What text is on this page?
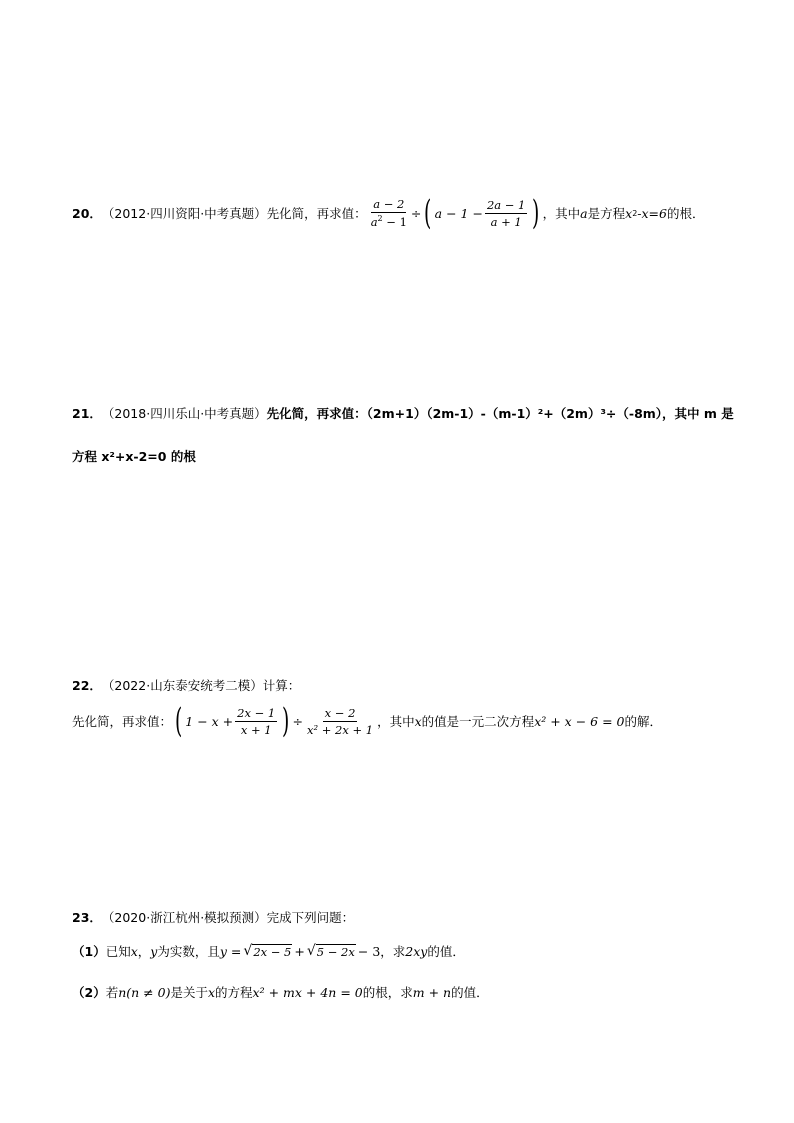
20． （2012·四川资阳·中考真题） 先化简，再求值： $\frac{a - 2}{a^2 - 1}$ ÷ ( $a - 1 - \frac{2a - 1}{a + 1}$ ) ，其中 a 是方程 x 2 -x=6 的根．
21． （2018·四川乐山·中考真题） 先化简，再求值：（2m+1）（2m-1）-（m-1）²+（2m）³÷（-8m），其中 m 是
方程 x²+x-2=0 的根
22． （2022·山东泰安统考二模） 计算：
先化简，再求值： ( $1 - x + \frac{2x - 1}{x + 1}$ ) ÷ $\frac{x - 2}{\text{x² + 2x + 1}}$ ，其中 x 的值是一元二次方程 x² + x − 6 = 0 的解．
23． （2020·浙江杭州·模拟预测） 完成下列问题：
（1） 已知 x ， y 为实数，且 y = √ 2x − 5 + √ 5 − 2x − 3 ，求 2xy 的值．
（2） 若 n(n ≠ 0) 是关于 x 的方程 x² + mx + 4n = 0 的根，求 m + n 的值．
